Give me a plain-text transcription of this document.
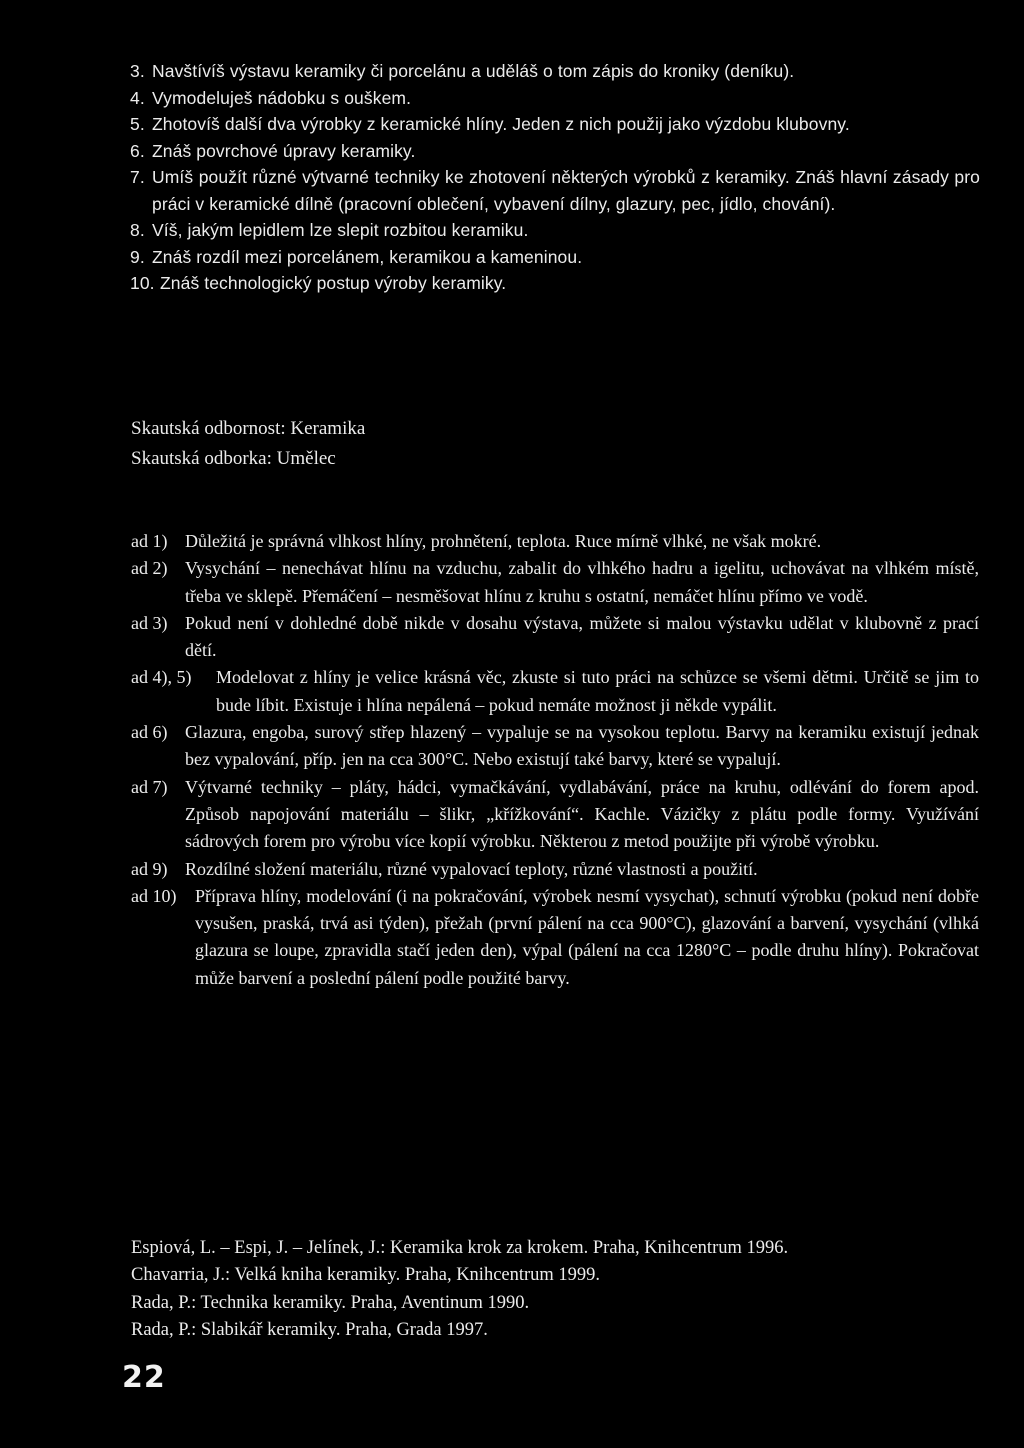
3. Navštívíš výstavu keramiky či porcelánu a uděláš o tom zápis do kroniky (deníku).
4. Vymodeluješ nádobku s ouškem.
5. Zhotovíš další dva výrobky z keramické hlíny. Jeden z nich použij jako výzdobu klubovny.
6. Znáš povrchové úpravy keramiky.
7. Umíš použít různé výtvarné techniky ke zhotovení některých výrobků z keramiky. Znáš hlavní zásady pro práci v keramické dílně (pracovní oblečení, vybavení dílny, glazury, pec, jídlo, chování).
8. Víš, jakým lepidlem lze slepit rozbitou keramiku.
9. Znáš rozdíl mezi porcelánem, keramikou a kameninou.
10. Znáš technologický postup výroby keramiky.
Skautská odbornost: Keramika
Skautská odborka: Umělec
ad 1) Důležitá je správná vlhkost hlíny, prohnětení, teplota. Ruce mírně vlhké, ne však mokré.
ad 2) Vysychání – nenechávat hlínu na vzduchu, zabalit do vlhkého hadru a igelitu, uchovávat na vlhkém místě, třeba ve sklepě. Přemáčení – nesměšovat hlínu z kruhu s ostatní, nemáčet hlínu přímo ve vodě.
ad 3) Pokud není v dohledné době nikde v dosahu výstava, můžete si malou výstavku udělat v klubovně z prací dětí.
ad 4), 5)	Modelovat z hlíny je velice krásná věc, zkuste si tuto práci na schůzce se všemi dětmi. Určitě se jim to bude líbit. Existuje i hlína nepálená – pokud nemáte možnost ji někde vypálit.
ad 6) Glazura, engoba, surový střep hlazený – vypaluje se na vysokou teplotu. Barvy na keramiku existují jednak bez vypalování, příp. jen na cca 300°C. Nebo existují také barvy, které se vypalují.
ad 7) Výtvarné techniky – pláty, hádci, vymačkávání, vydlabávání, práce na kruhu, odlévání do forem apod. Způsob napojování materiálu – šlikr, „křížkování“. Kachle. Vázičky z plátu podle formy. Využívání sádrových forem pro výrobu více kopií výrobku. Některou z metod použijte při výrobě výrobku.
ad 9) Rozdílné složení materiálu, různé vypalovací teploty, různé vlastnosti a použití.
ad 10)	Příprava hlíny, modelování (i na pokračování, výrobek nesmí vysychat), schnutí výrobku (pokud není dobře vysušen, praská, trvá asi týden), přežah (první pálení na cca 900°C), glazování a barvení, vysychání (vlhká glazura se loupe, zpravidla stačí jeden den), výpal (pálení na cca 1280°C – podle druhu hlíny). Pokračovat může barvení a poslední pálení podle použité barvy.
Espiová, L. – Espi, J. – Jelínek, J.: Keramika krok za krokem. Praha, Knihcentrum 1996.
Chavarria, J.: Velká kniha keramiky. Praha, Knihcentrum 1999.
Rada, P.: Technika keramiky. Praha, Aventinum 1990.
Rada, P.: Slabikář keramiky. Praha, Grada 1997.
22
